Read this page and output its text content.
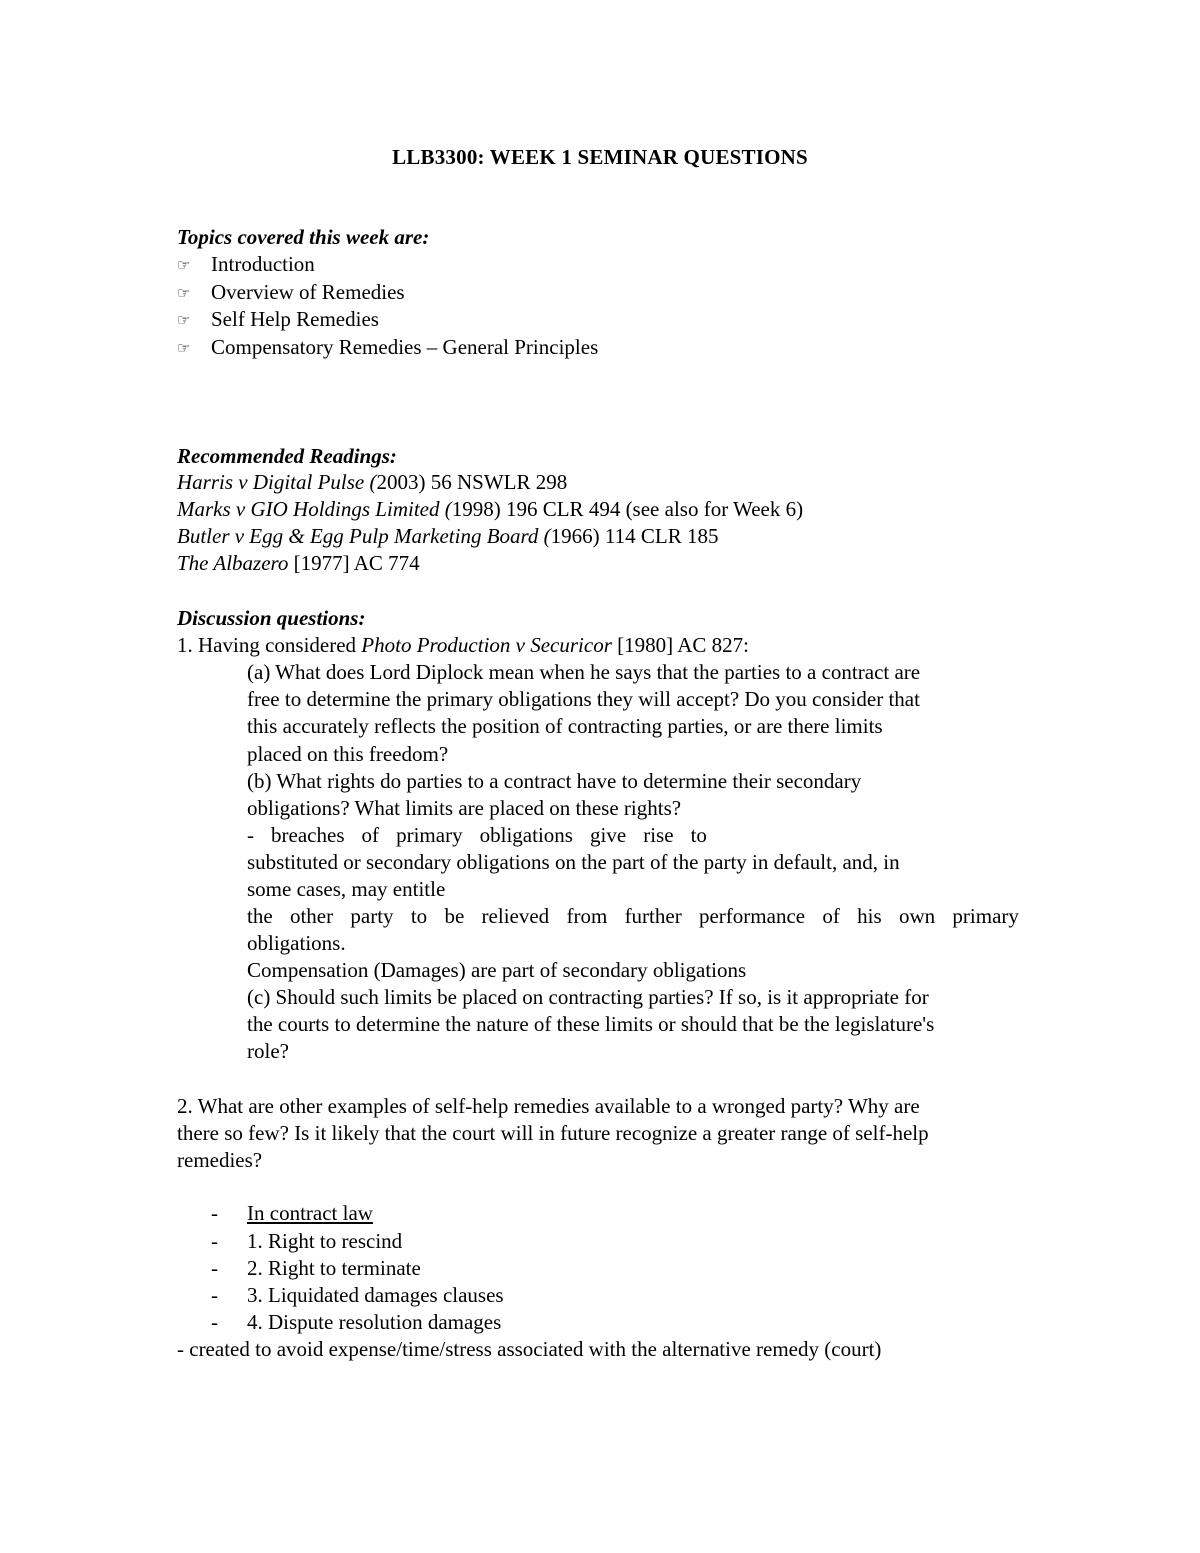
LLB3300: WEEK 1 SEMINAR QUESTIONS
Topics covered this week are:
☞ Introduction
☞ Overview of Remedies
☞ Self Help Remedies
☞ Compensatory Remedies – General Principles
Recommended Readings:
Harris v Digital Pulse (2003) 56 NSWLR 298
Marks v GIO Holdings Limited (1998) 196 CLR 494 (see also for Week 6)
Butler v Egg & Egg Pulp Marketing Board (1966) 114 CLR 185
The Albazero [1977] AC 774
Discussion questions:
1. Having considered Photo Production v Securicor [1980] AC 827:
(a) What does Lord Diplock mean when he says that the parties to a contract are
free to determine the primary obligations they will accept? Do you consider that
this accurately reflects the position of contracting parties, or are there limits
placed on this freedom?
(b) What rights do parties to a contract have to determine their secondary
obligations? What limits are placed on these rights?
- breaches of primary obligations give rise to
substituted or secondary obligations on the part of the party in default, and, in
some cases, may entitle
the other party to be relieved from further performance of his own primary
obligations.
Compensation (Damages) are part of secondary obligations
(c) Should such limits be placed on contracting parties? If so, is it appropriate for
the courts to determine the nature of these limits or should that be the legislature's
role?
2. What are other examples of self-help remedies available to a wronged party? Why are
there so few? Is it likely that the court will in future recognize a greater range of self-help
remedies?
- In contract law
- 1. Right to rescind
- 2. Right to terminate
- 3. Liquidated damages clauses
- 4. Dispute resolution damages
- created to avoid expense/time/stress associated with the alternative remedy (court)
